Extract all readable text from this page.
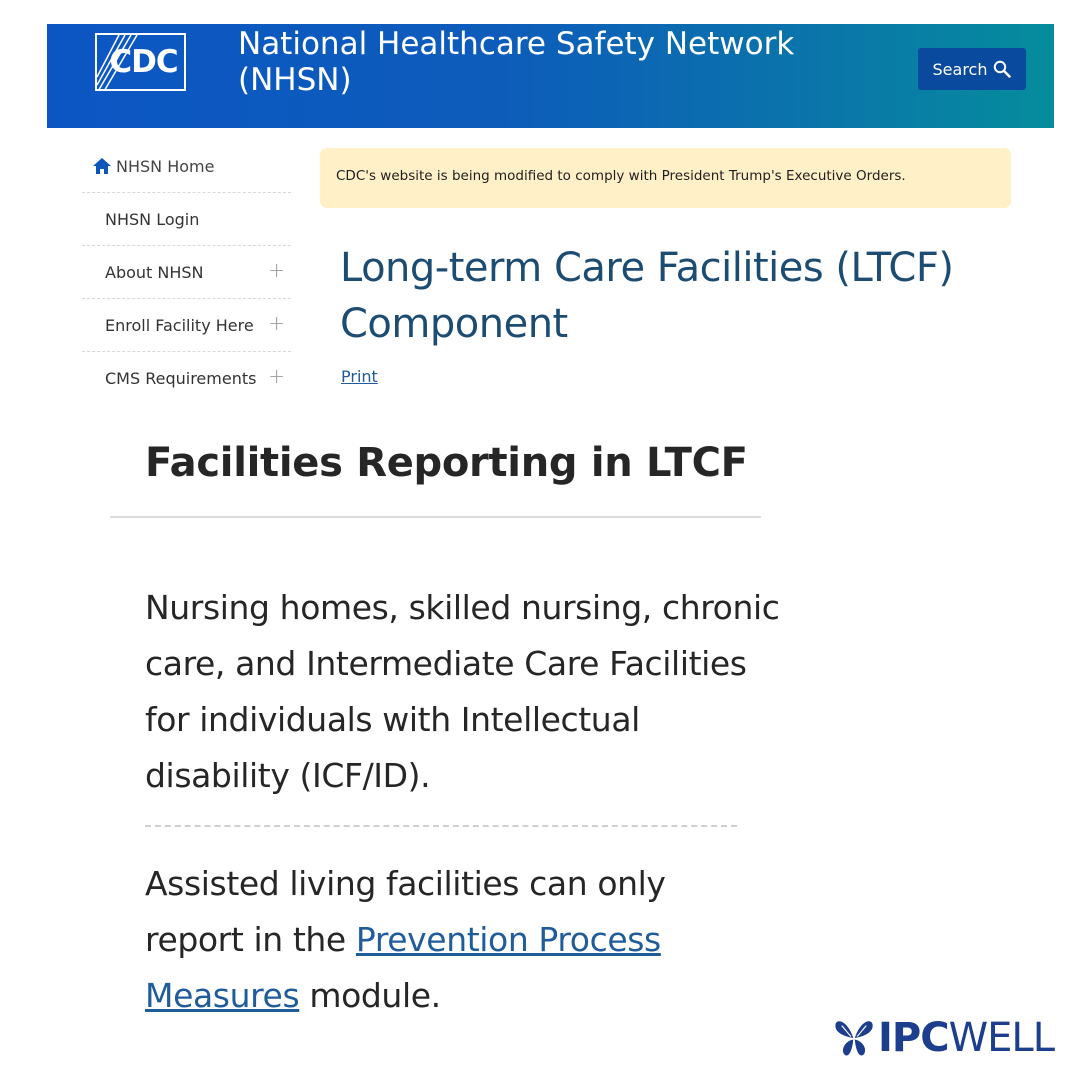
CDC National Healthcare Safety Network (NHSN)	Search
NHSN Home
NHSN Login
About NHSN	+
Enroll Facility Here +
CMS Requirements +
CDC's website is being modified to comply with President Trump's Executive Orders.
Long-term Care Facilities (LTCF) Component
Print
Facilities Reporting in LTCF
Nursing homes, skilled nursing, chronic care, and Intermediate Care Facilities for individuals with Intellectual disability (ICF/ID).
Assisted living facilities can only report in the Prevention Process Measures module.
IPCWELL
